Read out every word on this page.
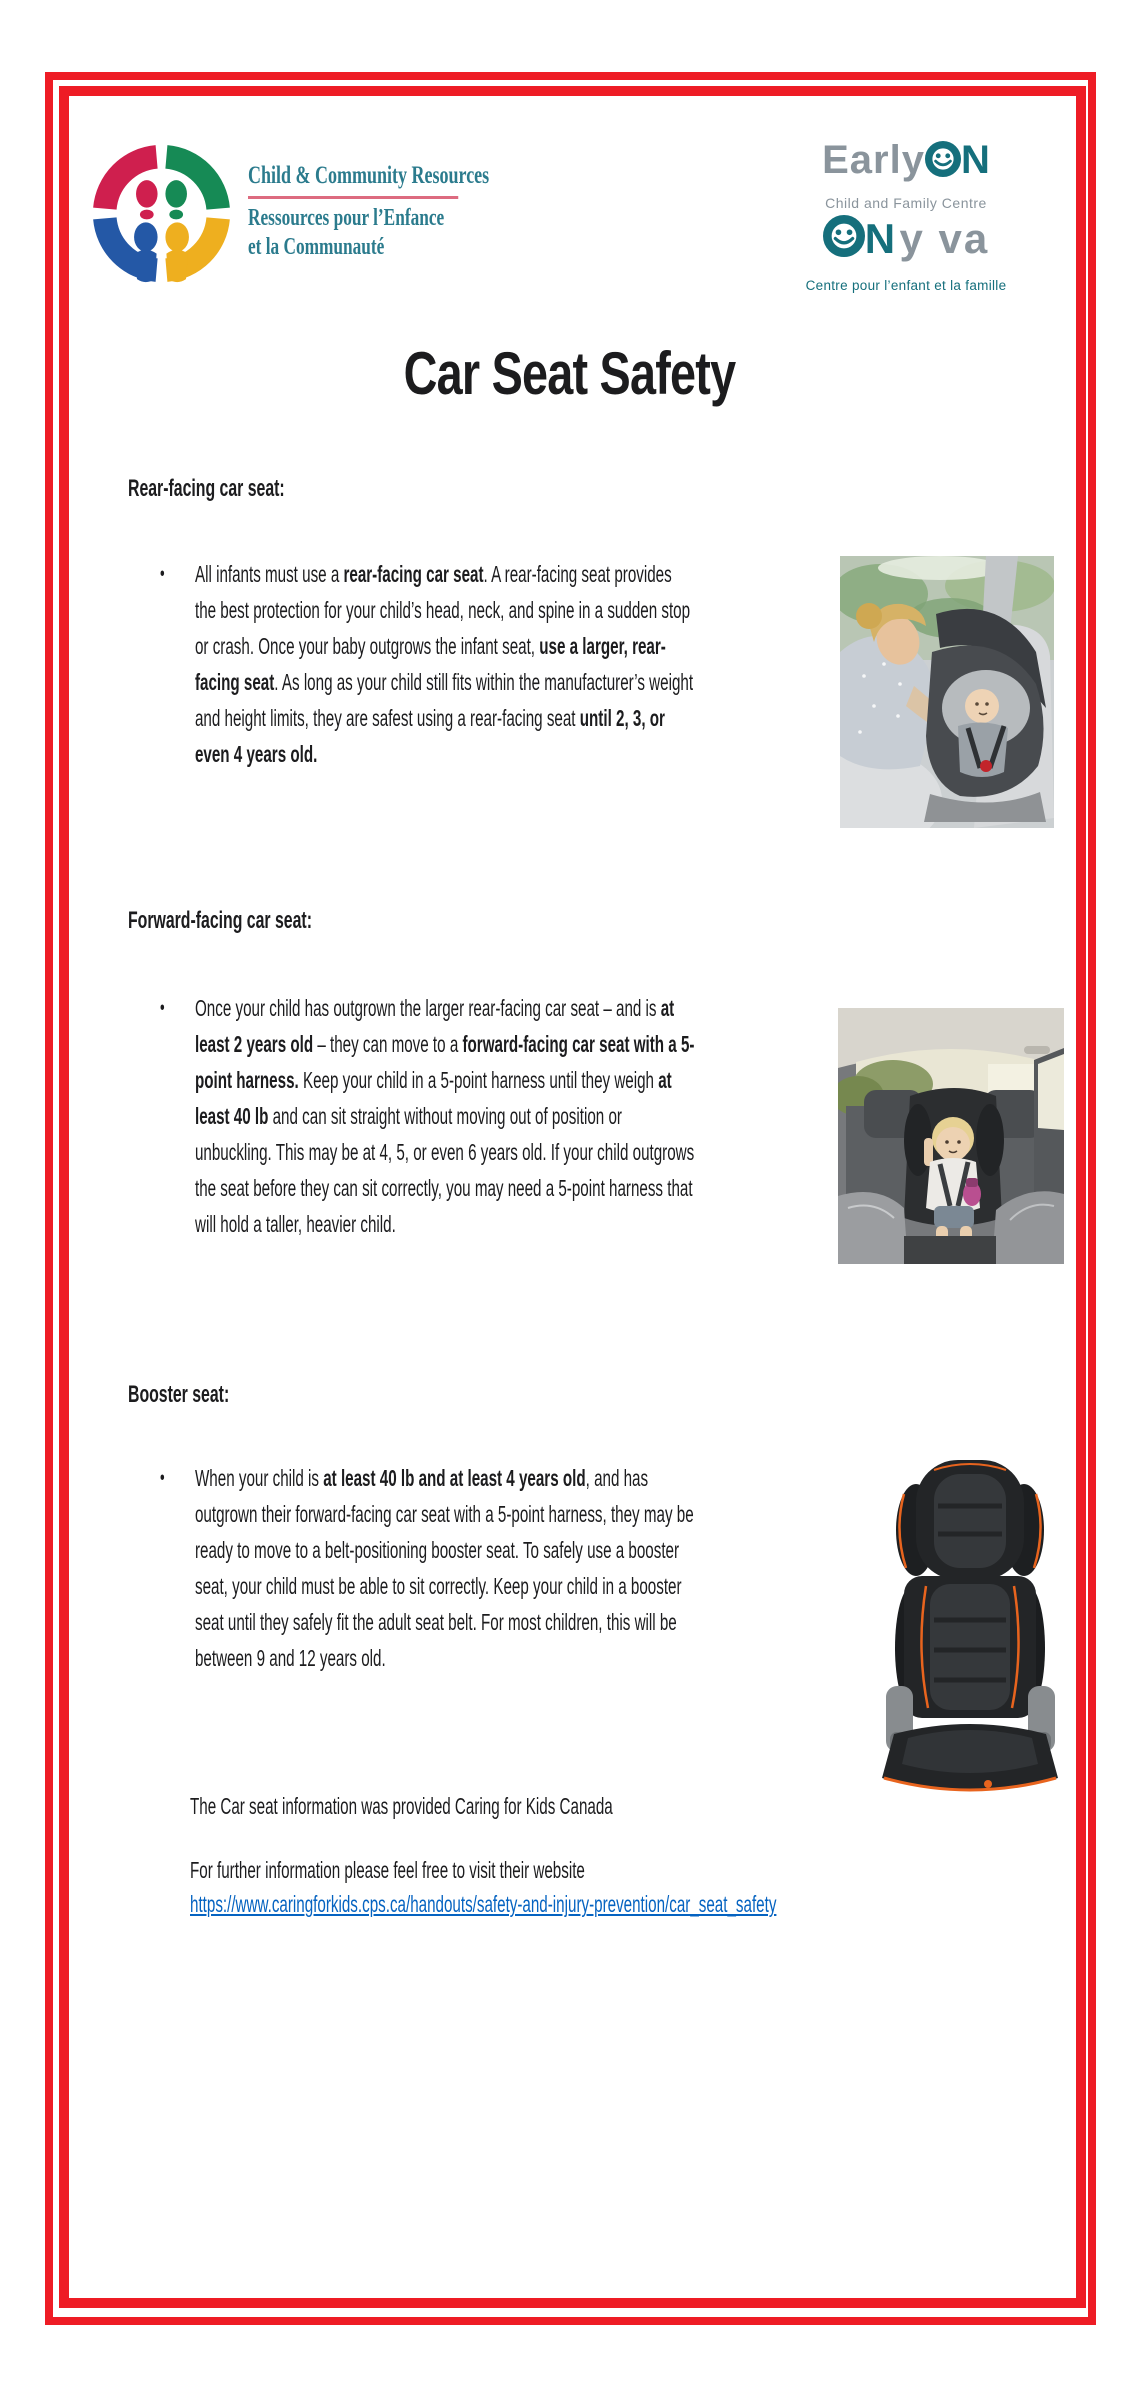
Child & Community Resources
Ressources pour l’Enfance
et la Communauté
Early N
Child and Family Centre
N y va
Centre pour l’enfant et la famille
Car Seat Safety
Rear-facing car seat:
•	All infants must use a rear-facing car seat. A rear-facing seat provides the best protection for your child’s head, neck, and spine in a sudden stop or crash. Once your baby outgrows the infant seat, use a larger, rear-facing seat. As long as your child still fits within the manufacturer’s weight and height limits, they are safest using a rear-facing seat until 2, 3, or even 4 years old.
Forward-facing car seat:
•	Once your child has outgrown the larger rear-facing car seat – and is at least 2 years old – they can move to a forward-facing car seat with a 5-point harness. Keep your child in a 5-point harness until they weigh at least 40 lb and can sit straight without moving out of position or unbuckling. This may be at 4, 5, or even 6 years old. If your child outgrows the seat before they can sit correctly, you may need a 5-point harness that will hold a taller, heavier child.
Booster seat:
•	When your child is at least 40 lb and at least 4 years old, and has outgrown their forward-facing car seat with a 5-point harness, they may be ready to move to a belt-positioning booster seat. To safely use a booster seat, your child must be able to sit correctly. Keep your child in a booster seat until they safely fit the adult seat belt. For most children, this will be between 9 and 12 years old.
The Car seat information was provided Caring for Kids Canada
For further information please feel free to visit their website
https://www.caringforkids.cps.ca/handouts/safety-and-injury-prevention/car_seat_safety
